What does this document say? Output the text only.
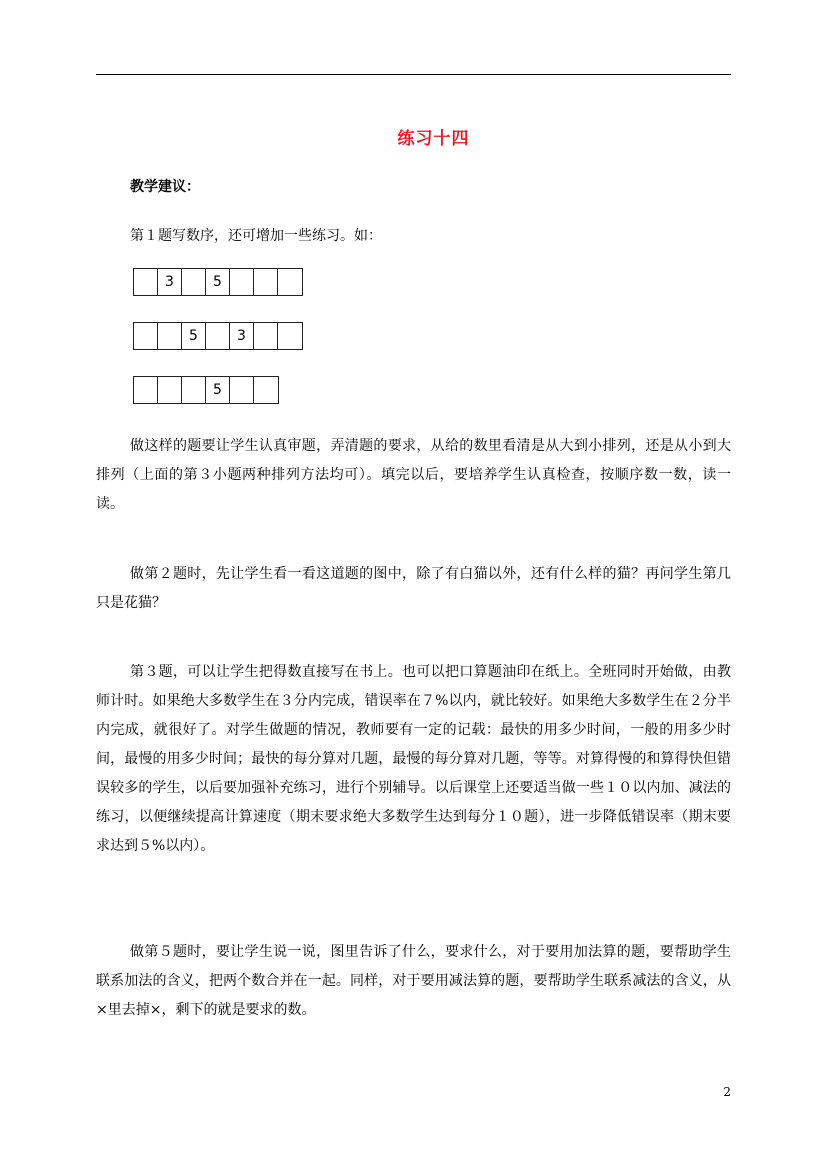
练习十四
教学建议：
第１题写数序，还可增加一些练习。如：
3	5
5	3
5

做这样的题要让学生认真审题，弄清题的要求，从给的数里看清是从大到小排列，还是从小到大排列（上面的第３小题两种排列方法均可）。填完以后，要培养学生认真检查，按顺序数一数，读一读。

做第２题时，先让学生看一看这道题的图中，除了有白猫以外，还有什么样的猫？再问学生第几只是花猫？

第３题，可以让学生把得数直接写在书上。也可以把口算题油印在纸上。全班同时开始做，由教师计时。如果绝大多数学生在３分内完成，错误率在７%以内，就比较好。如果绝大多数学生在２分半内完成，就很好了。对学生做题的情况，教师要有一定的记载：最快的用多少时间，一般的用多少时间，最慢的用多少时间；最快的每分算对几题，最慢的每分算对几题，等等。对算得慢的和算得快但错误较多的学生，以后要加强补充练习，进行个别辅导。以后课堂上还要适当做一些１０以内加、减法的练习，以便继续提高计算速度（期末要求绝大多数学生达到每分１０题），进一步降低错误率（期末要求达到５%以内）。

做第５题时，要让学生说一说，图里告诉了什么，要求什么，对于要用加法算的题，要帮助学生联系加法的含义，把两个数合并在一起。同样，对于要用减法算的题，要帮助学生联系减法的含义，从×里去掉×，剩下的就是要求的数。

2
